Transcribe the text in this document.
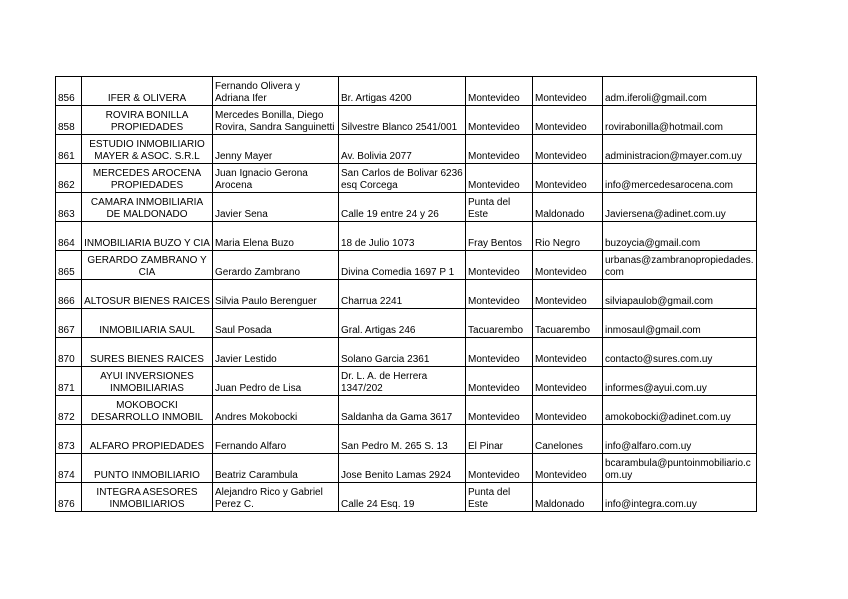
856	IFER & OLIVERA	Fernando Olivera y Adriana Ifer	Br. Artigas 4200	Montevideo	Montevideo	adm.iferoli@gmail.com
858	ROVIRA BONILLA PROPIEDADES	Mercedes Bonilla, Diego Rovira, Sandra Sanguinetti	Silvestre Blanco 2541/001	Montevideo	Montevideo	rovirabonilla@hotmail.com
861	ESTUDIO INMOBILIARIO MAYER & ASOC. S.R.L	Jenny Mayer	Av. Bolivia 2077	Montevideo	Montevideo	administracion@mayer.com.uy
862	MERCEDES AROCENA PROPIEDADES	Juan Ignacio Gerona Arocena	San Carlos de Bolivar 6236 esq Corcega	Montevideo	Montevideo	info@mercedesarocena.com
863	CAMARA INMOBILIARIA DE MALDONADO	Javier Sena	Calle 19 entre 24 y 26	Punta del Este	Maldonado	Javiersena@adinet.com.uy
864	INMOBILIARIA BUZO Y CIA	Maria Elena Buzo	18 de Julio 1073	Fray Bentos	Rio Negro	buzoycia@gmail.com
865	GERARDO ZAMBRANO Y CIA	Gerardo Zambrano	Divina Comedia 1697 P 1	Montevideo	Montevideo	urbanas@zambranopropiedades.com
866	ALTOSUR BIENES RAICES	Silvia Paulo Berenguer	Charrua 2241	Montevideo	Montevideo	silviapaulob@gmail.com
867	INMOBILIARIA SAUL	Saul Posada	Gral. Artigas 246	Tacuarembo	Tacuarembo	inmosaul@gmail.com
870	SURES BIENES RAICES	Javier Lestido	Solano Garcia 2361	Montevideo	Montevideo	contacto@sures.com.uy
871	AYUI INVERSIONES INMOBILIARIAS	Juan Pedro de Lisa	Dr. L. A. de Herrera 1347/202	Montevideo	Montevideo	informes@ayui.com.uy
872	MOKOBOCKI DESARROLLO INMOBIL	Andres Mokobocki	Saldanha da Gama 3617	Montevideo	Montevideo	amokobocki@adinet.com.uy
873	ALFARO PROPIEDADES	Fernando Alfaro	San Pedro M. 265 S. 13	El Pinar	Canelones	info@alfaro.com.uy
874	PUNTO INMOBILIARIO	Beatriz Carambula	Jose Benito Lamas 2924	Montevideo	Montevideo	bcarambula@puntoinmobiliario.com.uy
876	INTEGRA ASESORES INMOBILIARIOS	Alejandro Rico y Gabriel Perez C.	Calle 24 Esq. 19	Punta del Este	Maldonado	info@integra.com.uy
